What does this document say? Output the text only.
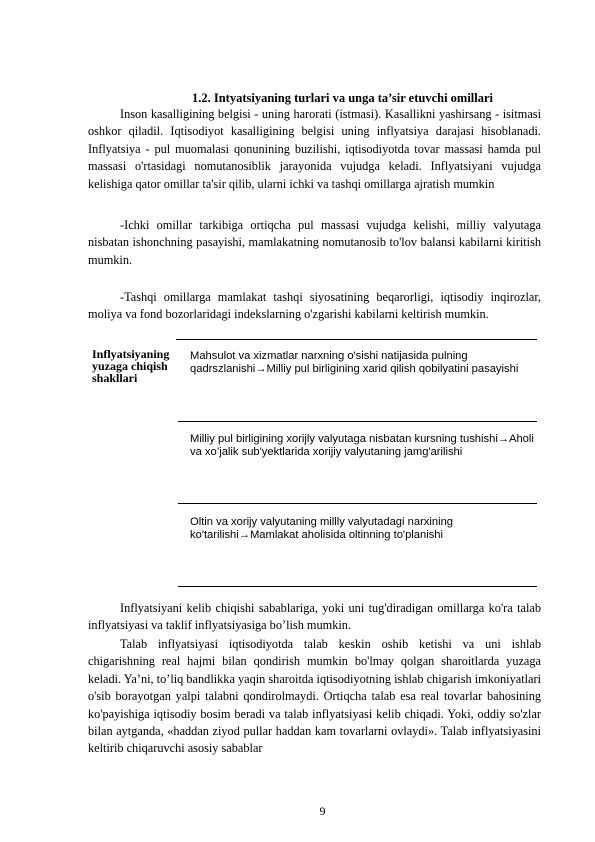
1.2. Intyatsiyaning turlari va unga ta’sir etuvchi omillari

Inson kasalligining belgisi - uning harorati (istmasi). Kasallikni yashirsang - isitmasi oshkor qiladil. Iqtisodiyot kasalligining belgisi uning inflyatsiya darajasi hisoblanadi. Inflyatsiya - pul muomalasi qonunining buzilishi, iqtisodiyotda tovar massasi hamda pul massasi o'rtasidagi nomutanosiblik jarayonida vujudga keladi. Inflyatsiyani vujudga kelishiga qator omillar ta'sir qilib, ularni ichki va tashqi omillarga ajratish mumkin

-Ichki omillar tarkibiga ortiqcha pul massasi vujudga kelishi, milliy valyutaga nisbatan ishonchning pasayishi, mamlakatning nomutanosib to'lov balansi kabilarni kiritish mumkin.

-Tashqi omillarga mamlakat tashqi siyosatining beqarorligi, iqtisodiy inqirozlar, moliya va fond bozorlaridagi indekslarning o'zgarishi kabilarni keltirish mumkin.

Inflyatsiyaning yuzaga chiqish shakllari
Mahsulot va xizmatlar narxning o'sishi natijasida pulning qadrszlanishi→Milliy pul birligining xarid qilish qobilyatini pasayishi
Milliy pul birligining xorijly valyutaga nisbatan kursning tushishi→Aholi va xo’jalik sub'yektlarida xorijiy valyutaning jamg'arilishi
Oltin va xorijy valyutaning millly valyutadagi narxining ko'tarilishi→Mamlakat aholisida oltinning to'planishi

Inflyatsiyani kelib chiqishi sabablariga, yoki uni tug'diradigan omillarga ko'ra talab inflyatsiyasi va taklif inflyatsiyasiga bo’lish mumkin.

Talab inflyatsiyasi iqtisodiyotda talab keskin oshib ketishi va uni ishlab chigarishning real hajmi bilan qondirish mumkin bo'lmay qolgan sharoitlarda yuzaga keladi. Ya’ni, to’liq bandlikka yaqin sharoitda iqtisodiyotning ishlab chigarish imkoniyatlari o'sib borayotgan yalpi talabni qondirolmaydi. Ortiqcha talab esa real tovarlar bahosining ko'payishiga iqtisodiy bosim beradi va talab inflyatsiyasi kelib chiqadi. Yoki, oddiy so'zlar bilan aytganda, «haddan ziyod pullar haddan kam tovarlarni ovlaydi». Talab inflyatsiyasini keltirib chiqaruvchi asosiy sabablar

9
